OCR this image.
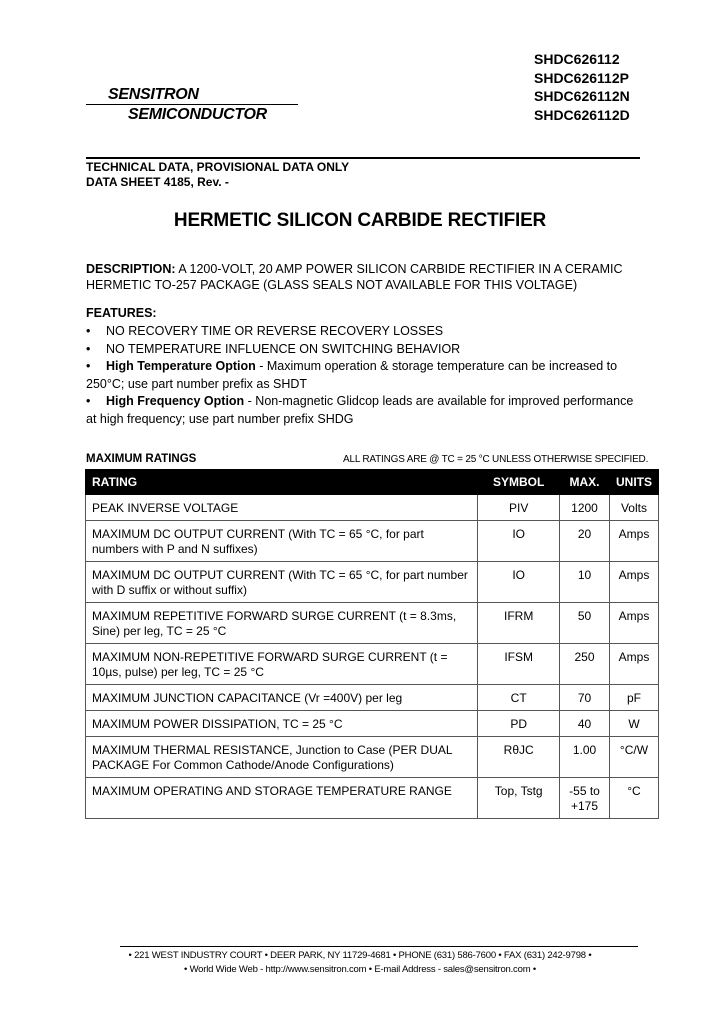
SENSITRON
SEMICONDUCTOR
SHDC626112
SHDC626112P
SHDC626112N
SHDC626112D
TECHNICAL DATA, PROVISIONAL DATA ONLY
DATA SHEET 4185, Rev. -
HERMETIC SILICON CARBIDE RECTIFIER
DESCRIPTION: A 1200-VOLT, 20 AMP POWER SILICON CARBIDE RECTIFIER IN A CERAMIC HERMETIC TO-257 PACKAGE (GLASS SEALS NOT AVAILABLE FOR THIS VOLTAGE)
FEATURES:
• NO RECOVERY TIME OR REVERSE RECOVERY LOSSES
• NO TEMPERATURE INFLUENCE ON SWITCHING BEHAVIOR
• High Temperature Option - Maximum operation & storage temperature can be increased to 250°C; use part number prefix as SHDT
• High Frequency Option - Non-magnetic Glidcop leads are available for improved performance at high frequency; use part number prefix SHDG
MAXIMUM RATINGS	ALL RATINGS ARE @ TC = 25 °C UNLESS OTHERWISE SPECIFIED.
RATING	SYMBOL	MAX.	UNITS
PEAK INVERSE VOLTAGE	PIV	1200	Volts
MAXIMUM DC OUTPUT CURRENT (With TC = 65 °C, for part numbers with P and N suffixes)	IO	20	Amps
MAXIMUM DC OUTPUT CURRENT (With TC = 65 °C, for part number with D suffix or without suffix)	IO	10	Amps
MAXIMUM REPETITIVE FORWARD SURGE CURRENT (t = 8.3ms, Sine) per leg, TC = 25 °C	IFRM	50	Amps
MAXIMUM NON-REPETITIVE FORWARD SURGE CURRENT (t = 10µs, pulse) per leg, TC = 25 °C	IFSM	250	Amps
MAXIMUM JUNCTION CAPACITANCE (Vr =400V) per leg	CT	70	pF
MAXIMUM POWER DISSIPATION, TC = 25 °C	PD	40	W
MAXIMUM THERMAL RESISTANCE, Junction to Case (PER DUAL PACKAGE For Common Cathode/Anode Configurations)	RθJC	1.00	°C/W
MAXIMUM OPERATING AND STORAGE TEMPERATURE RANGE	Top, Tstg	-55 to +175	°C
• 221 WEST INDUSTRY COURT • DEER PARK, NY 11729-4681 • PHONE (631) 586-7600 • FAX (631) 242-9798 •
• World Wide Web - http://www.sensitron.com • E-mail Address - sales@sensitron.com •
